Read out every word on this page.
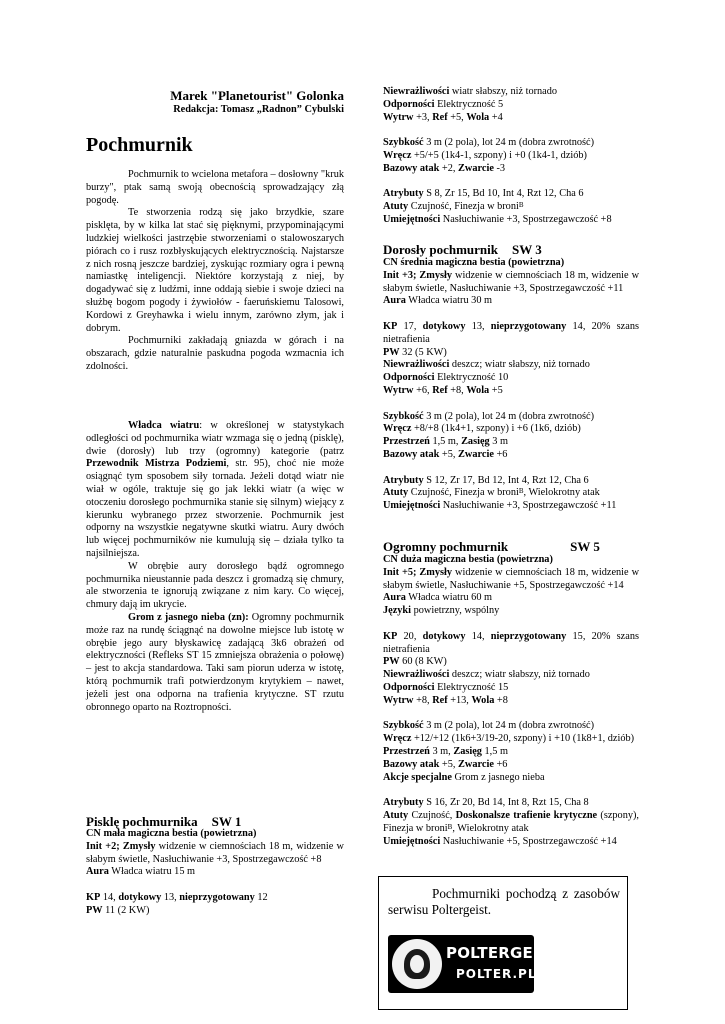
Marek "Planetourist" Golonka
Redakcja: Tomasz „Radnon” Cybulski
Pochmurnik

Pochmurnik to wcielona metafora – dosłowny "kruk burzy", ptak samą swoją obecnością sprowadzający złą pogodę.

Te stworzenia rodzą się jako brzydkie, szare pisklęta, by w kilka lat stać się pięknymi, przypominającymi ludzkiej wielkości jastrzębie stworzeniami o stalowoszarych piórach co i rusz rozbłyskujących elektrycznością. Najstarsze z nich rosną jeszcze bardziej, zyskując rozmiary ogra i pewną namiastkę inteligencji. Niektóre korzystają z niej, by dogadywać się z ludźmi, inne oddają siebie i swoje dzieci na służbę bogom pogody i żywiołów - faeruńskiemu Talosowi, Kordowi z Greyhawka i wielu innym, zarówno złym, jak i dobrym.

Pochmurniki zakładają gniazda w górach i na obszarach, gdzie naturalnie paskudna pogoda wzmacnia ich zdolności.

Władca wiatru: w określonej w statystykach odległości od pochmurnika wiatr wzmaga się o jedną (pisklę), dwie (dorosły) lub trzy (ogromny) kategorie (patrz Przewodnik Mistrza Podziemi, str. 95), choć nie może osiągnąć tym sposobem siły tornada. Jeżeli dotąd wiatr nie wiał w ogóle, traktuje się go jak lekki wiatr (a więc w otoczeniu dorosłego pochmurnika stanie się silnym) wiejący z kierunku wybranego przez stworzenie. Pochmurnik jest odporny na wszystkie negatywne skutki wiatru. Aury dwóch lub więcej pochmurników nie kumulują się – działa tylko ta najsilniejsza.

W obrębie aury dorosłego bądź ogromnego pochmurnika nieustannie pada deszcz i gromadzą się chmury, ale stworzenia te ignorują związane z nim kary. Co więcej, chmury dają im ukrycie.

Grom z jasnego nieba (zn): Ogromny pochmurnik może raz na rundę ściągnąć na dowolne miejsce lub istotę w obrębie jego aury błyskawicę zadającą 3k6 obrażeń od elektryczności (Refleks ST 15 zmniejsza obrażenia o połowę) – jest to akcja standardowa. Taki sam piorun uderza w istotę, którą pochmurnik trafi potwierdzonym krytykiem – nawet, jeżeli jest ona odporna na trafienia krytyczne. ST rzutu obronnego oparto na Roztropności.

Pisklę pochmurnika SW 1

CN mała magiczna bestia (powietrzna)

Init +2; Zmysły widzenie w ciemnościach 18 m, widzenie w słabym świetle, Nasłuchiwanie +3, Spostrzegawczość +8

Aura Władca wiatru 15 m

KP 14, dotykowy 13, nieprzygotowany 12

PW 11 (2 KW)

Niewrażliwości wiatr słabszy, niż tornado

Odporności Elektryczność 5

Wytrw +3, Ref +5, Wola +4

Szybkość 3 m (2 pola), lot 24 m (dobra zwrotność)

Wręcz +5/+5 (1k4-1, szpony) i +0 (1k4-1, dziób)

Bazowy atak +2, Zwarcie -3

Atrybuty S 8, Zr 15, Bd 10, Int 4, Rzt 12, Cha 6

Atuty Czujność, Finezja w broni$^B$

Umiejętności Nasłuchiwanie +3, Spostrzegawczość +8

Dorosły pochmurnik SW 3

CN średnia magiczna bestia (powietrzna)

Init +3; Zmysły widzenie w ciemnościach 18 m, widzenie w słabym świetle, Nasłuchiwanie +3, Spostrzegawczość +11

Aura Władca wiatru 30 m

KP 17, dotykowy 13, nieprzygotowany 14, 20% szans nietrafienia

PW 32 (5 KW)

Niewrażliwości deszcz; wiatr słabszy, niż tornado

Odporności Elektryczność 10

Wytrw +6, Ref +8, Wola +5

Szybkość 3 m (2 pola), lot 24 m (dobra zwrotność)

Wręcz +8/+8 (1k4+1, szpony) i +6 (1k6, dziób)

Przestrzeń 1,5 m, Zasięg 3 m

Bazowy atak +5, Zwarcie +6

Atrybuty S 12, Zr 17, Bd 12, Int 4, Rzt 12, Cha 6

Atuty Czujność, Finezja w broni$^B$, Wielokrotny atak

Umiejętności Nasłuchiwanie +3, Spostrzegawczość +11

Ogromny pochmurnik	SW 5

CN duża magiczna bestia (powietrzna)

Init +5; Zmysły widzenie w ciemnościach 18 m, widzenie w słabym świetle, Nasłuchiwanie +5, Spostrzegawczość +14

Aura Władca wiatru 60 m

Języki powietrzny, wspólny

KP 20, dotykowy 14, nieprzygotowany 15, 20% szans nietrafienia

PW 60 (8 KW)

Niewrażliwości deszcz; wiatr słabszy, niż tornado

Odporności Elektryczność 15

Wytrw +8, Ref +13, Wola +8

Szybkość 3 m (2 pola), lot 24 m (dobra zwrotność)

Wręcz +12/+12 (1k6+3/19-20, szpony) i +10 (1k8+1, dziób)

Przestrzeń 3 m, Zasięg 1,5 m

Bazowy atak +5, Zwarcie +6

Akcje specjalne Grom z jasnego nieba

Atrybuty S 16, Zr 20, Bd 14, Int 8, Rzt 15, Cha 8

Atuty Czujność, Doskonalsze trafienie krytyczne (szpony), Finezja w broni$^B$, Wielokrotny atak

Umiejętności Nasłuchiwanie +5, Spostrzegawczość +14

Pochmurniki pochodzą z zasobów serwisu Poltergeist.

POLTERGEIST
POLTER.PL
